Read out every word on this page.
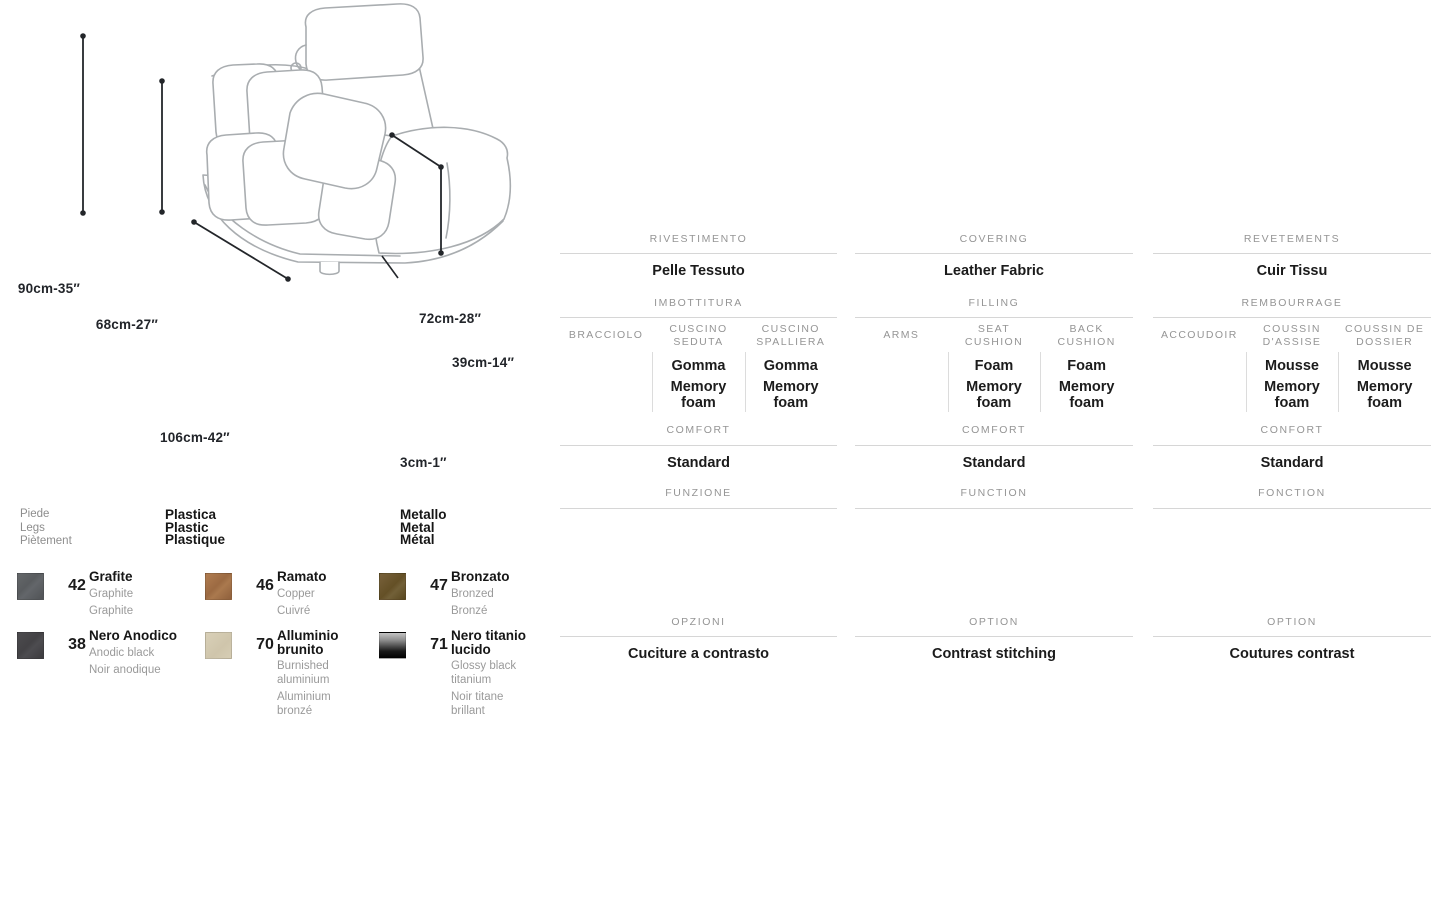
90cm-35″
68cm-27″	72cm-28″
39cm-14″
106cm-42″
3cm-1″
Piede
Legs
Piètement
Plastica
Plastic
Plastique
Metallo
Metal
Métal
42
Grafite
Graphite
Graphite
38
Nero Anodico
Anodic black
Noir anodique
46
Ramato
Copper
Cuivré
70
Alluminio
brunito
Burnished
aluminium
Aluminium
bronzé
47
Bronzato
Bronzed
Bronzé
71
Nero titanio
lucido
Glossy black
titanium
Noir titane
brillant
RIVESTIMENTO
Pelle Tessuto
IMBOTTITURA
BRACCIOLO
CUSCINO SEDUTA
CUSCINO SPALLIERA
Gomma
Memory foam
Gomma
Memory foam
COMFORT
Standard
FUNZIONE
OPZIONI
Cuciture a contrasto
COVERING
Leather Fabric
FILLING
ARMS
SEAT CUSHION
BACK CUSHION
Foam
Memory foam
Foam
Memory foam
COMFORT
Standard
FUNCTION
OPTION
Contrast stitching
REVETEMENTS
Cuir Tissu
REMBOURRAGE
ACCOUDOIR
COUSSIN D'ASSISE
COUSSIN DE DOSSIER
Mousse
Memory foam
Mousse
Memory foam
CONFORT
Standard
FONCTION
OPTION
Coutures contrast
